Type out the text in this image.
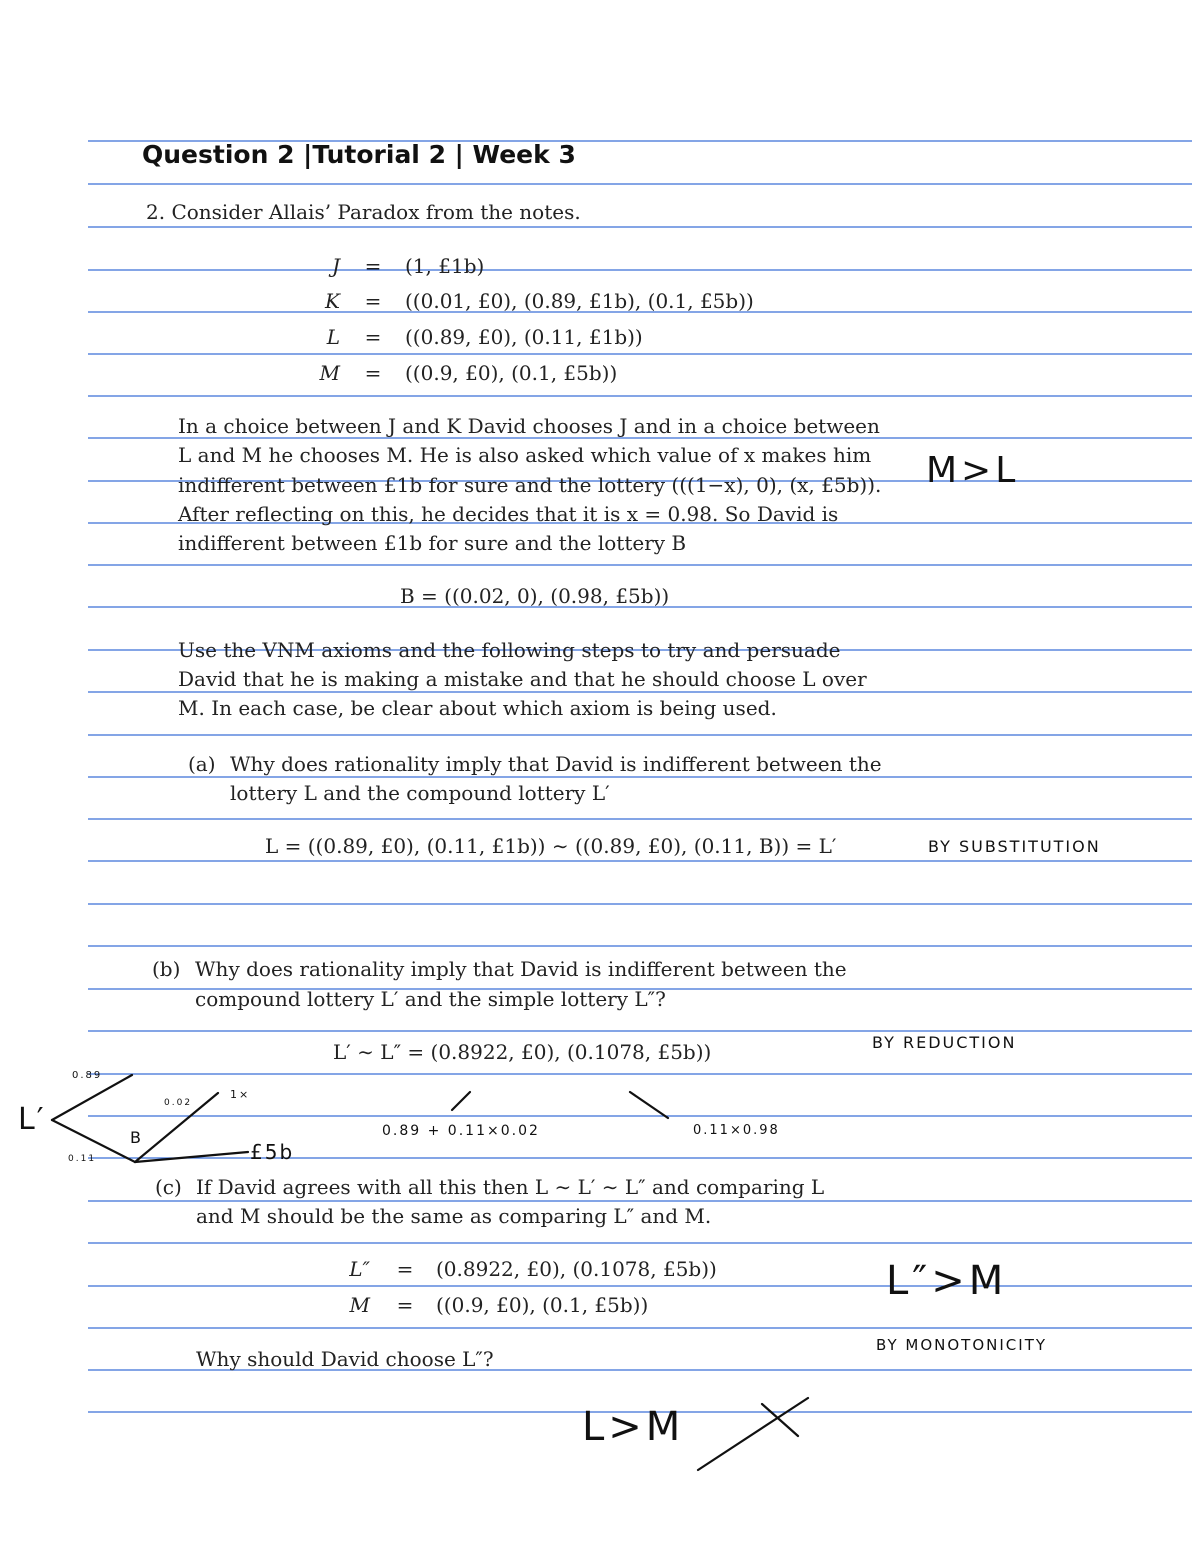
Question 2 |Tutorial 2 | Week 3
2. Consider Allais’ Paradox from the notes.
J	=	(1, £1b)
K	=	((0.01, £0), (0.89, £1b), (0.1, £5b))
L	=	((0.89, £0), (0.11, £1b))
M	=	((0.9, £0), (0.1, £5b))
In a choice between J and K David chooses J and in a choice between
L and M he chooses M. He is also asked which value of x makes him
indifferent between £1b for sure and the lottery (((1−x), 0), (x, £5b)).
After reflecting on this, he decides that it is x = 0.98. So David is
indifferent between £1b for sure and the lottery B
B = ((0.02, 0), (0.98, £5b))
Use the VNM axioms and the following steps to try and persuade
David that he is making a mistake and that he should choose L over
M. In each case, be clear about which axiom is being used.
(a) Why does rationality imply that David is indifferent between the
lottery L and the compound lottery L′
L = ((0.89, £0), (0.11, £1b)) ∼ ((0.89, £0), (0.11, B)) = L′
(b) Why does rationality imply that David is indifferent between the
compound lottery L′ and the simple lottery L″?
L′ ∼ L″ = (0.8922, £0), (0.1078, £5b))
(c) If David agrees with all this then L ∼ L′ ∼ L″ and comparing L
and M should be the same as comparing L″ and M.
L″	=	(0.8922, £0), (0.1078, £5b))
M	=	((0.9, £0), (0.1, £5b))
Why should David choose L″?
M>L
BY SUBSTITUTION
BY REDUCTION
L″>M
BY MONOTONICITY
0.89 + 0.11×0.02	0.11×0.98
L′
B
£5b
0.89
0.02
0.11
1×
L>M
